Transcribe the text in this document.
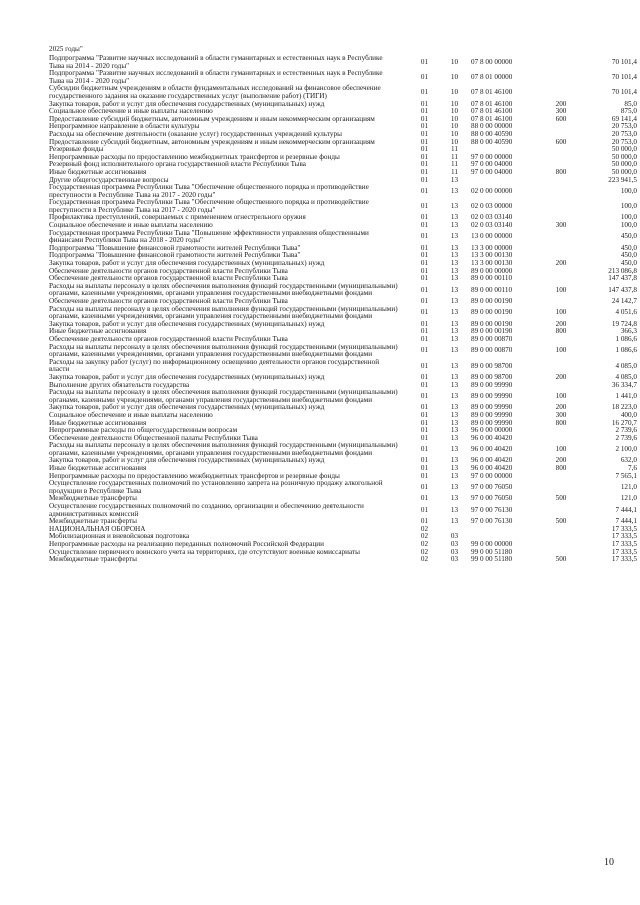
2025 годы"
Подпрограмма "Развитие научных исследований в области гуманитарных и естественных наук в Республике Тыва на 2014 - 2020 годы"	01	10	07 8 00 00000		70 101,4
Подпрограмма "Развитие научных исследований в области гуманитарных и естественных наук в Республике Тыва на 2014 - 2020 годы"	01	10	07 8 01 00000		70 101,4
Субсидии бюджетным учреждениям в области фундаментальных исследований на финансовое обеспечение государственного задания на оказание государственных услуг (выполнение работ) (ТИГИ)	01	10	07 8 01 46100		70 101,4
Закупка товаров, работ и услуг для обеспечения государственных (муниципальных) нужд	01	10	07 8 01 46100	200	85,0
Социальное обеспечение и иные выплаты населению	01	10	07 8 01 46100	300	875,0
Предоставление субсидий бюджетным, автономным учреждениям и иным некоммерческим организациям	01	10	07 8 01 46100	600	69 141,4
Непрограммное направление в области культуры	01	10	88 0 00 00000		20 753,0
Расходы на обеспечение деятельности (оказание услуг) государственных учреждений культуры	01	10	88 0 00 40590		20 753,0
Предоставление субсидий бюджетным, автономным учреждениям и иным некоммерческим организациям	01	10	88 0 00 40590	600	20 753,0
Резервные фонды	01	11			50 000,0
Непрограммные расходы по предоставлению межбюджетных трансфертов и резервные фонды	01	11	97 0 00 00000		50 000,0
Резервный фонд исполнительного органа государственной власти Республики Тыва	01	11	97 0 00 04000		50 000,0
Иные бюджетные ассигнования	01	11	97 0 00 04000	800	50 000,0
Другие общегосударственные вопросы	01	13			223 941,5
Государственная программа Республики Тыва "Обеспечение общественного порядка и противодействие преступности в Республике Тыва на 2017 - 2020 годы"	01	13	02 0 00 00000		100,0
Государственная программа Республики Тыва "Обеспечение общественного порядка и противодействие преступности в Республике Тыва на 2017 - 2020 годы"	01	13	02 0 03 00000		100,0
Профилактика преступлений, совершаемых с применением огнестрельного оружия	01	13	02 0 03 03140		100,0
Социальное обеспечение и иные выплаты населению	01	13	02 0 03 03140	300	100,0
Государственная программа Республики Тыва "Повышение эффективности управления общественными финансами Республики Тыва на 2018 - 2020 годы"	01	13	13 0 00 00000		450,0
Подпрограмма "Повышение финансовой грамотности жителей Республики Тыва"	01	13	13 3 00 00000		450,0
Подпрограмма "Повышение финансовой грамотности жителей Республики Тыва"	01	13	13 3 00 00130		450,0
Закупка товаров, работ и услуг для обеспечения государственных (муниципальных) нужд	01	13	13 3 00 00130	200	450,0
Обеспечение деятельности органов государственной власти Республики Тыва	01	13	89 0 00 00000		213 086,8
Обеспечение деятельности органов государственной власти Республики Тыва	01	13	89 0 00 00110		147 437,8
Расходы на выплаты персоналу в целях обеспечения выполнения функций государственными (муниципальными) органами, казенными учреждениями, органами управления государственными внебюджетными фондами	01	13	89 0 00 00110	100	147 437,8
Обеспечение деятельности органов государственной власти Республики Тыва	01	13	89 0 00 00190		24 142,7
Расходы на выплаты персоналу в целях обеспечения выполнения функций государственными (муниципальными) органами, казенными учреждениями, органами управления государственными внебюджетными фондами	01	13	89 0 00 00190	100	4 051,6
Закупка товаров, работ и услуг для обеспечения государственных (муниципальных) нужд	01	13	89 0 00 00190	200	19 724,8
Иные бюджетные ассигнования	01	13	89 0 00 00190	800	366,3
Обеспечение деятельности органов государственной власти Республики Тыва	01	13	89 0 00 00870		1 086,6
Расходы на выплаты персоналу в целях обеспечения выполнения функций государственными (муниципальными) органами, казенными учреждениями, органами управления государственными внебюджетными фондами	01	13	89 0 00 00870	100	1 086,6
Расходы на закупку работ (услуг) по информационному освещению деятельности органов государственной власти	01	13	89 0 00 98700		4 085,0
Закупка товаров, работ и услуг для обеспечения государственных (муниципальных) нужд	01	13	89 0 00 98700	200	4 085,0
Выполнение других обязательств государства	01	13	89 0 00 99990		36 334,7
Расходы на выплаты персоналу в целях обеспечения выполнения функций государственными (муниципальными) органами, казенными учреждениями, органами управления государственными внебюджетными фондами	01	13	89 0 00 99990	100	1 441,0
Закупка товаров, работ и услуг для обеспечения государственных (муниципальных) нужд	01	13	89 0 00 99990	200	18 223,0
Социальное обеспечение и иные выплаты населению	01	13	89 0 00 99990	300	400,0
Иные бюджетные ассигнования	01	13	89 0 00 99990	800	16 270,7
Непрограммные расходы по общегосударственным вопросам	01	13	96 0 00 00000		2 739,6
Обеспечение деятельности Общественной палаты Республики Тыва	01	13	96 0 00 40420		2 739,6
Расходы на выплаты персоналу в целях обеспечения выполнения функций государственными (муниципальными) органами, казенными учреждениями, органами управления государственными внебюджетными фондами	01	13	96 0 00 40420	100	2 100,0
Закупка товаров, работ и услуг для обеспечения государственных (муниципальных) нужд	01	13	96 0 00 40420	200	632,0
Иные бюджетные ассигнования	01	13	96 0 00 40420	800	7,6
Непрограммные расходы по предоставлению межбюджетных трансфертов и резервные фонды	01	13	97 0 00 00000		7 565,1
Осуществление государственных полномочий по установлению запрета на розничную продажу алкогольной продукции в Республике Тыва	01	13	97 0 00 76050		121,0
Межбюджетные трансферты	01	13	97 0 00 76050	500	121,0
Осуществление государственных полномочий по созданию, организации и обеспечению деятельности административных комиссий	01	13	97 0 00 76130		7 444,1
Межбюджетные трансферты	01	13	97 0 00 76130	500	7 444,1
НАЦИОНАЛЬНАЯ ОБОРОНА	02				17 333,5
Мобилизационная и вневойсковая подготовка	02	03			17 333,5
Непрограммные расходы на реализацию переданных полномочий Российской Федерации	02	03	99 0 00 00000		17 333,5
Осуществление первичного воинского учета на территориях, где отсутствуют военные комиссариаты	02	03	99 0 00 51180		17 333,5
Межбюджетные трансферты	02	03	99 0 00 51180	500	17 333,5
10
